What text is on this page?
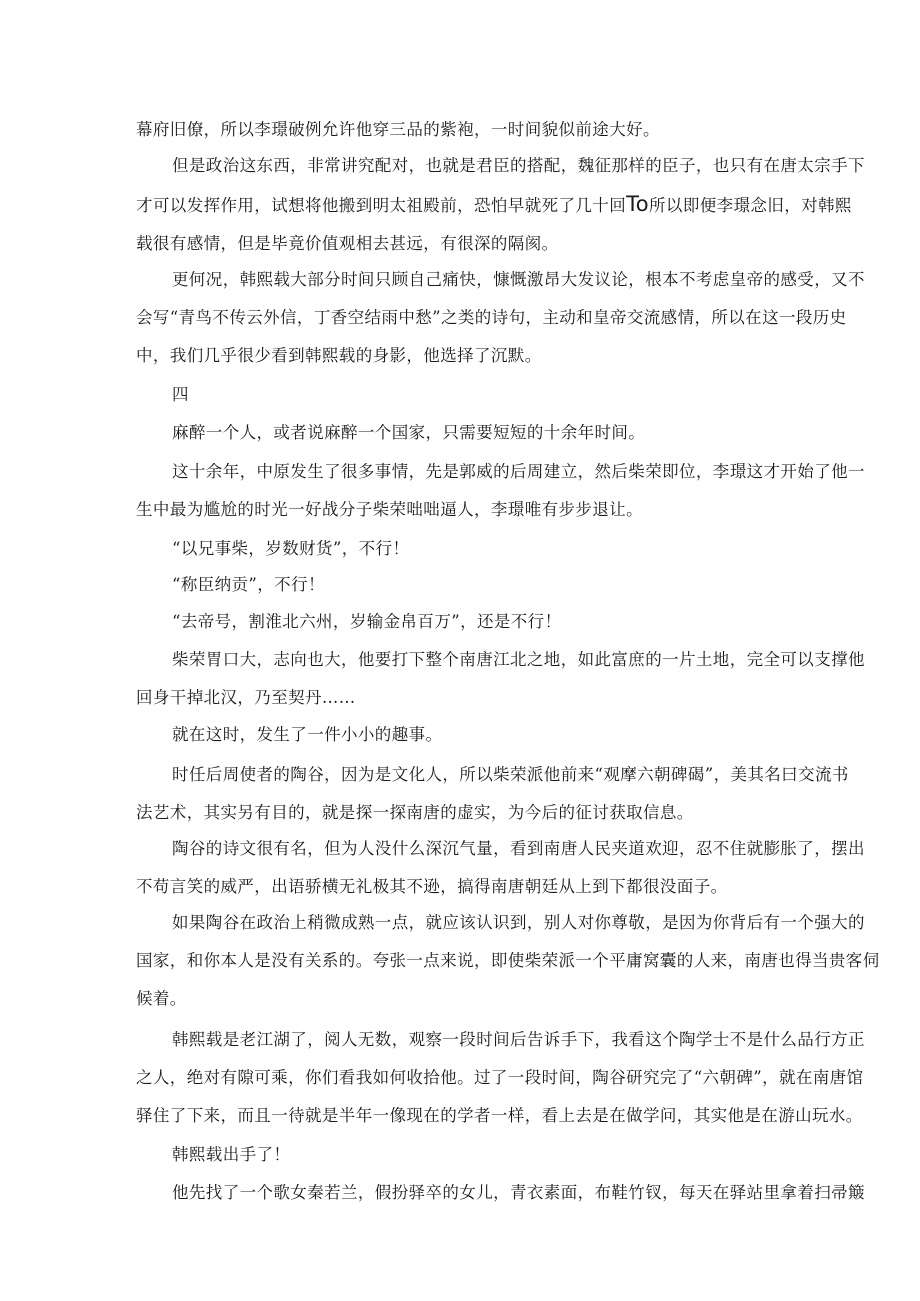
幕府旧僚，所以李璟破例允许他穿三品的紫袍，一时间貌似前途大好。

但是政治这东西，非常讲究配对，也就是君臣的搭配，魏征那样的臣子，也只有在唐太宗手下
才可以发挥作用，试想将他搬到明太祖殿前，恐怕早就死了几十回To所以即便李璟念旧，对韩熙
载很有感情，但是毕竟价值观相去甚远，有很深的隔阂。

更何况，韩熙载大部分时间只顾自己痛快，慷慨激昂大发议论，根本不考虑皇帝的感受，又不
会写“青鸟不传云外信，丁香空结雨中愁”之类的诗句，主动和皇帝交流感情，所以在这一段历史
中，我们几乎很少看到韩熙载的身影，他选择了沉默。

四

麻醉一个人，或者说麻醉一个国家，只需要短短的十余年时间。

这十余年，中原发生了很多事情，先是郭威的后周建立，然后柴荣即位，李璟这才开始了他一
生中最为尴尬的时光一好战分子柴荣咄咄逼人，李璟唯有步步退让。

“以兄事柴，岁数财货”，不行！

“称臣纳贡”，不行！

“去帝号，割淮北六州，岁输金帛百万”，还是不行！

柴荣胃口大，志向也大，他要打下整个南唐江北之地，如此富庶的一片土地，完全可以支撑他
回身干掉北汉，乃至契丹……

就在这时，发生了一件小小的趣事。

时任后周使者的陶谷，因为是文化人，所以柴荣派他前来“观摩六朝碑碣”，美其名曰交流书
法艺术，其实另有目的，就是探一探南唐的虚实，为今后的征讨获取信息。

陶谷的诗文很有名，但为人没什么深沉气量，看到南唐人民夹道欢迎，忍不住就膨胀了，摆出
不苟言笑的威严，出语骄横无礼极其不逊，搞得南唐朝廷从上到下都很没面子。

如果陶谷在政治上稍微成熟一点，就应该认识到，别人对你尊敬，是因为你背后有一个强大的
国家，和你本人是没有关系的。夸张一点来说，即使柴荣派一个平庸窝囊的人来，南唐也得当贵客伺
候着。

韩熙载是老江湖了，阅人无数，观察一段时间后告诉手下，我看这个陶学士不是什么品行方正
之人，绝对有隙可乘，你们看我如何收拾他。过了一段时间，陶谷研究完了“六朝碑”，就在南唐馆
驿住了下来，而且一待就是半年一像现在的学者一样，看上去是在做学问，其实他是在游山玩水。

韩熙载出手了！

他先找了一个歌女秦若兰，假扮驿卒的女儿，青衣素面，布鞋竹钗，每天在驿站里拿着扫帚簸
